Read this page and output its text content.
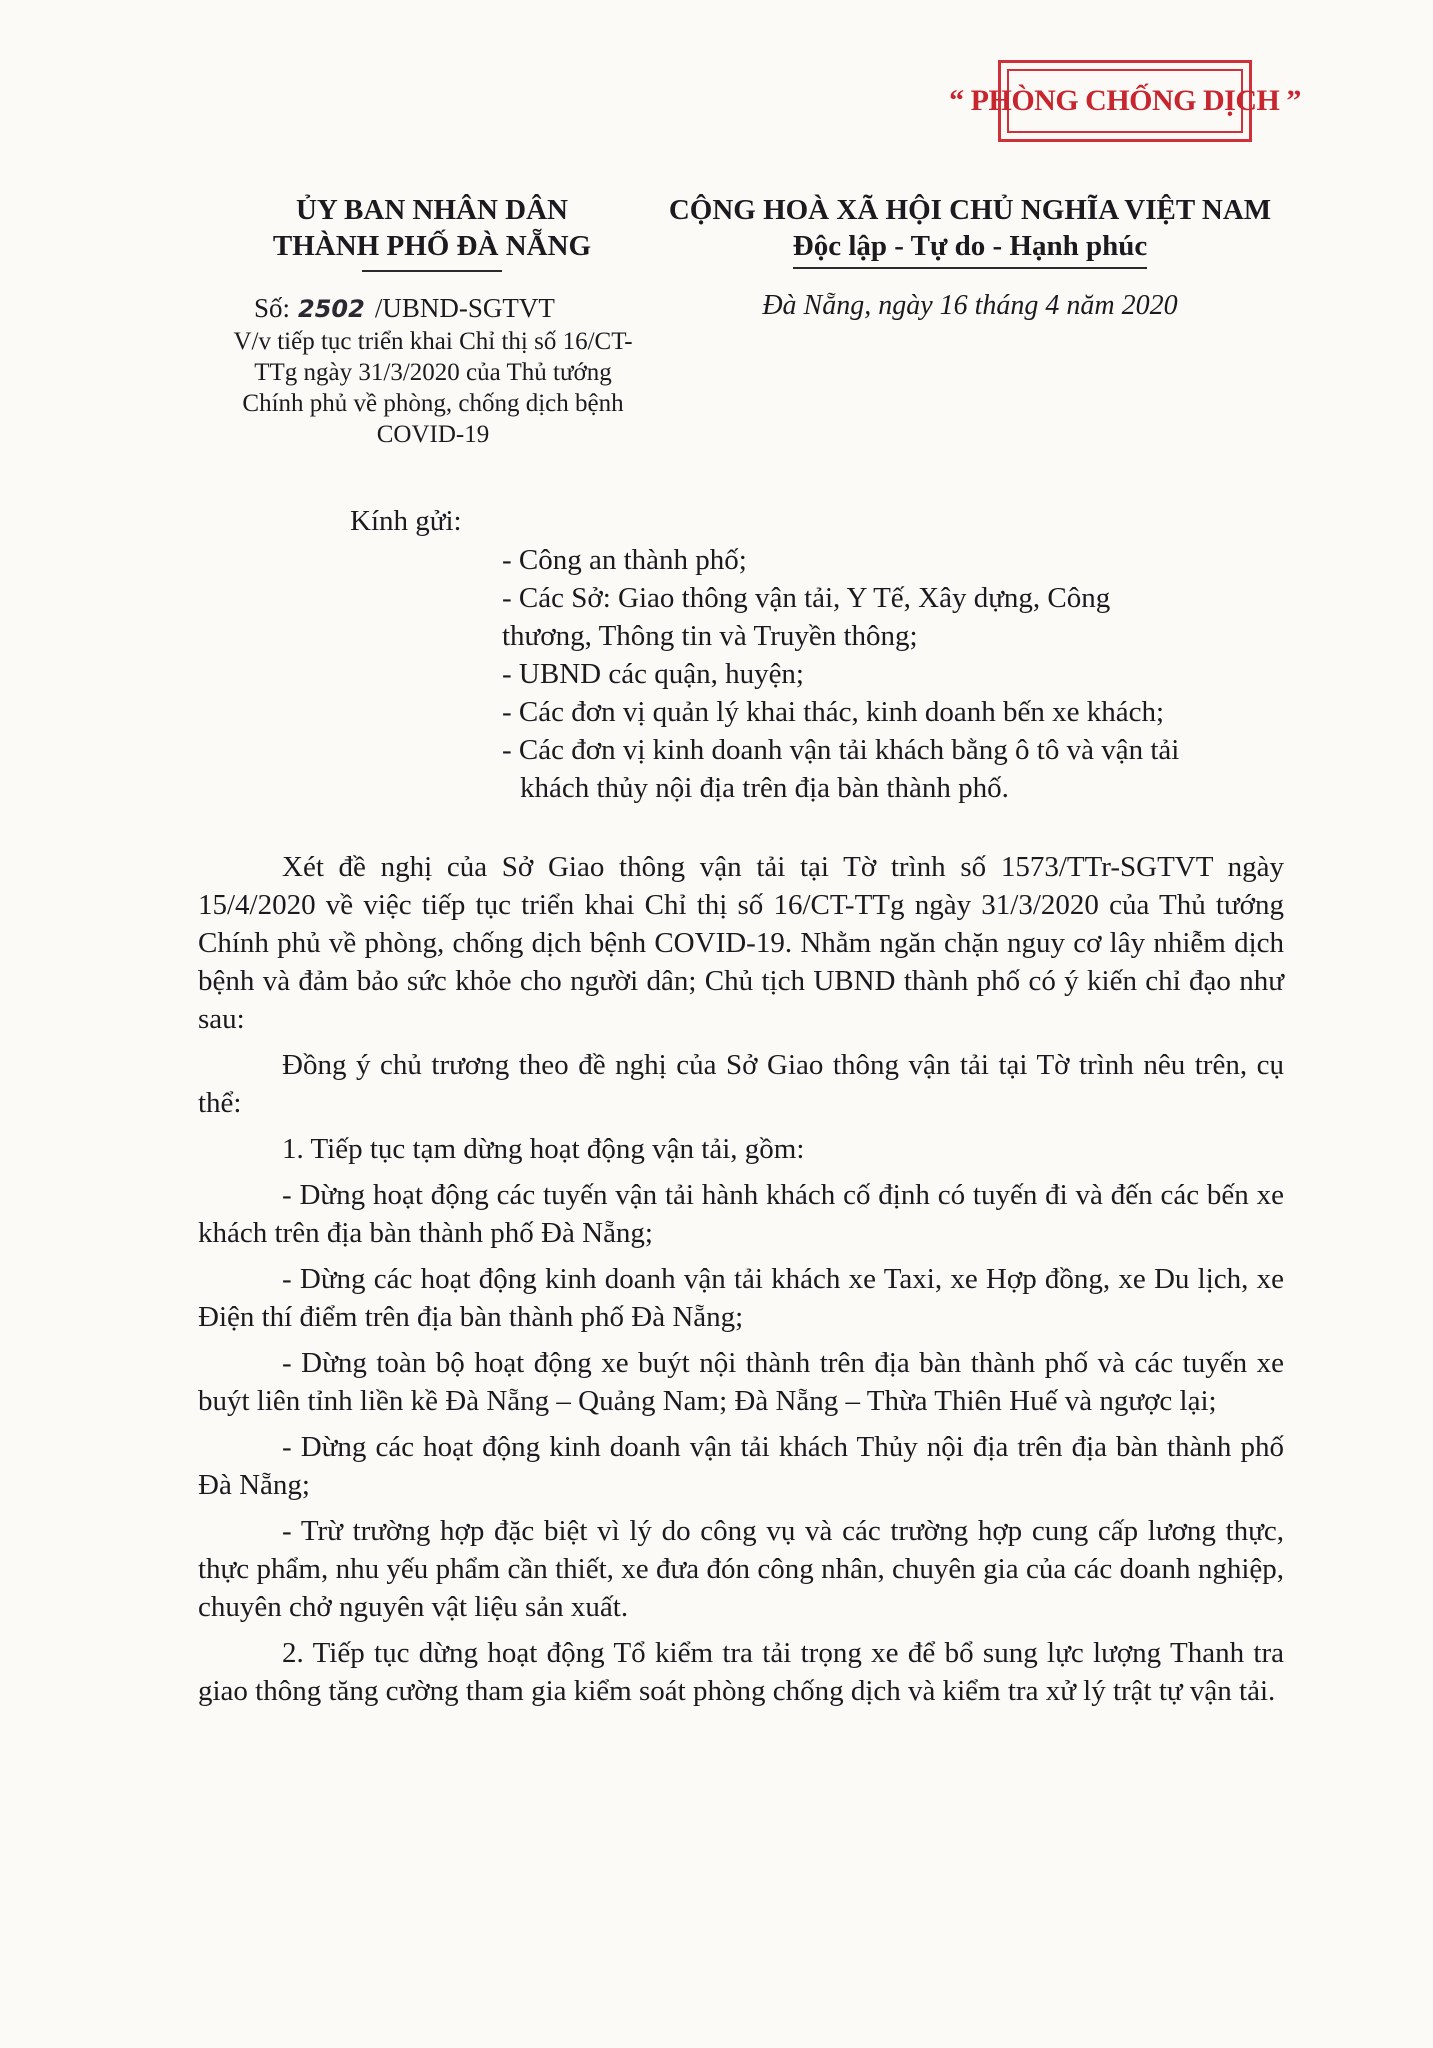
“ PHÒNG CHỐNG DỊCH ”
ỦY BAN NHÂN DÂN
THÀNH PHỐ ĐÀ NẴNG
CỘNG HOÀ XÃ HỘI CHỦ NGHĨA VIỆT NAM
Độc lập - Tự do - Hạnh phúc
Số: 2502 /UBND-SGTVT
V/v tiếp tục triển khai Chỉ thị số 16/CT-
TTg ngày 31/3/2020 của Thủ tướng
Chính phủ về phòng, chống dịch bệnh
COVID-19
Đà Nẵng, ngày 16 tháng 4 năm 2020
Kính gửi:
- Công an thành phố;
- Các Sở: Giao thông vận tải, Y Tế, Xây dựng, Công
thương, Thông tin và Truyền thông;
- UBND các quận, huyện;
- Các đơn vị quản lý khai thác, kinh doanh bến xe khách;
- Các đơn vị kinh doanh vận tải khách bằng ô tô và vận tải
khách thủy nội địa trên địa bàn thành phố.

Xét đề nghị của Sở Giao thông vận tải tại Tờ trình số 1573/TTr-SGTVT ngày 15/4/2020 về việc tiếp tục triển khai Chỉ thị số 16/CT-TTg ngày 31/3/2020 của Thủ tướng Chính phủ về phòng, chống dịch bệnh COVID-19. Nhằm ngăn chặn nguy cơ lây nhiễm dịch bệnh và đảm bảo sức khỏe cho người dân; Chủ tịch UBND thành phố có ý kiến chỉ đạo như sau:

Đồng ý chủ trương theo đề nghị của Sở Giao thông vận tải tại Tờ trình nêu trên, cụ thể:

1. Tiếp tục tạm dừng hoạt động vận tải, gồm:

- Dừng hoạt động các tuyến vận tải hành khách cố định có tuyến đi và đến các bến xe khách trên địa bàn thành phố Đà Nẵng;

- Dừng các hoạt động kinh doanh vận tải khách xe Taxi, xe Hợp đồng, xe Du lịch, xe Điện thí điểm trên địa bàn thành phố Đà Nẵng;

- Dừng toàn bộ hoạt động xe buýt nội thành trên địa bàn thành phố và các tuyến xe buýt liên tỉnh liền kề Đà Nẵng – Quảng Nam; Đà Nẵng – Thừa Thiên Huế và ngược lại;

- Dừng các hoạt động kinh doanh vận tải khách Thủy nội địa trên địa bàn thành phố Đà Nẵng;

- Trừ trường hợp đặc biệt vì lý do công vụ và các trường hợp cung cấp lương thực, thực phẩm, nhu yếu phẩm cần thiết, xe đưa đón công nhân, chuyên gia của các doanh nghiệp, chuyên chở nguyên vật liệu sản xuất.

2. Tiếp tục dừng hoạt động Tổ kiểm tra tải trọng xe để bổ sung lực lượng Thanh tra giao thông tăng cường tham gia kiểm soát phòng chống dịch và kiểm tra xử lý trật tự vận tải.
